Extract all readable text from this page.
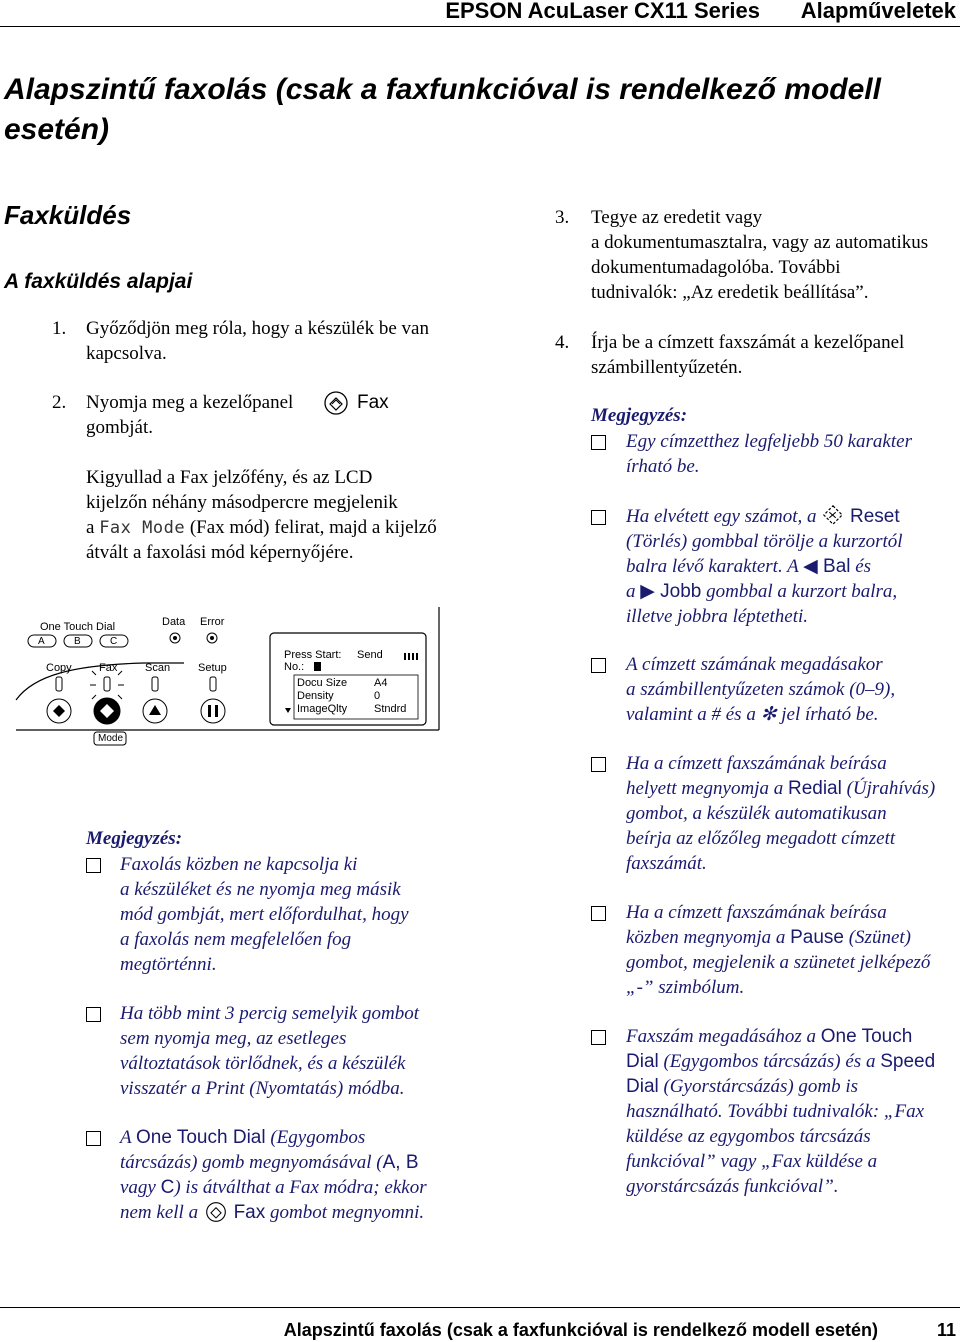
EPSON AcuLaser CX11 Series Alapműveletek
Alapszintű faxolás (csak a faxfunkcióval is rendelkező modell esetén)
Faxküldés
A faxküldés alapjai
1. Győződjön meg róla, hogy a készülék be van
kapcsolva.
2. Nyomja meg a kezelőpanel	Fax
gombját.
Kigyullad a Fax jelzőfény, és az LCD
kijelzőn néhány másodpercre megjelenik
a Fax Mode (Fax mód) felirat, majd a kijelző
átvált a faxolási mód képernyőjére.
One Touch Dial
A	B	C
Data Error
Copy Fax	Scan	Setup
Mode
Press Start: Send
No.:
Docu Size A4
Density	0
ImageQlty Stndrd
Megjegyzés:
Faxolás közben ne kapcsolja ki
a készüléket és ne nyomja meg másik
mód gombját, mert előfordulhat, hogy
a faxolás nem megfelelően fog
megtörténni.
Ha több mint 3 percig semelyik gombot
sem nyomja meg, az esetleges
változtatások törlődnek, és a készülék
visszatér a Print (Nyomtatás) módba.
A One Touch Dial (Egygombos
tárcsázás) gomb megnyomásával (A, B
vagy C) is átválthat a Fax módra; ekkor
nem kell a Fax gombot megnyomni.
3. Tegye az eredetit vagy
a dokumentumasztalra, vagy az automatikus
dokumentumadagolóba. További
tudnivalók: „Az eredetik beállítása”.
4. Írja be a címzett faxszámát a kezelőpanel
számbillentyűzetén.
Megjegyzés:
Egy címzetthez legfeljebb 50 karakter
írható be.
Ha elvétett egy számot, a Reset
(Törlés) gombbal törölje a kurzortól
balra lévő karaktert. A ◀ Bal és
a ▶ Jobb gombbal a kurzort balra,
illetve jobbra léptetheti.
A címzett számának megadásakor
a számbillentyűzeten számok (0–9),
valamint a # és a ✻ jel írható be.
Ha a címzett faxszámának beírása
helyett megnyomja a Redial (Újrahívás)
gombot, a készülék automatikusan
beírja az előzőleg megadott címzett
faxszámát.
Ha a címzett faxszámának beírása
közben megnyomja a Pause (Szünet)
gombot, megjelenik a szünetet jelképező
„-” szimbólum.
Faxszám megadásához a One Touch
Dial (Egygombos tárcsázás) és a Speed
Dial (Gyorstárcsázás) gomb is
használható. További tudnivalók: „Fax
küldése az egygombos tárcsázás
funkcióval” vagy „Fax küldése a
gyorstárcsázás funkcióval”.
Alapszintű faxolás (csak a faxfunkcióval is rendelkező modell esetén)	11
